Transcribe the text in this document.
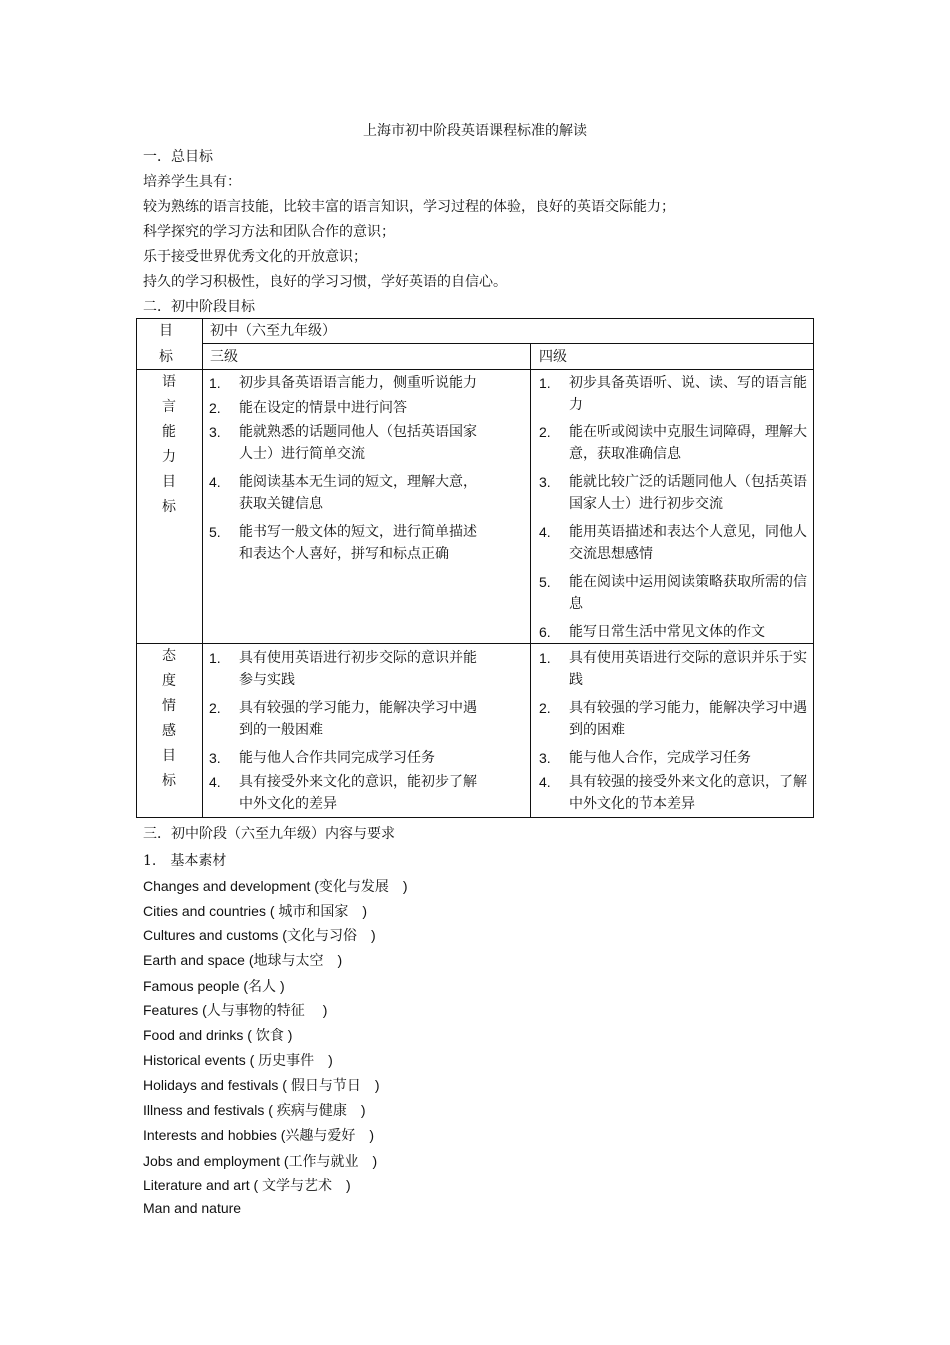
上海市初中阶段英语课程标准的解读
一．总目标
培养学生具有：
较为熟练的语言技能，比较丰富的语言知识，学习过程的体验，良好的英语交际能力；
科学探究的学习方法和团队合作的意识；
乐于接受世界优秀文化的开放意识；
持久的学习积极性，良好的学习习惯，学好英语的自信心。
二．初中阶段目标
目
标
初中（六至九年级）
三级	四级
语
言
能
力
目
标
1. 初步具备英语语言能力，侧重听说能力
2. 能在设定的情景中进行问答
3. 能就熟悉的话题同他人（包括英语国家人士）进行简单交流
4. 能阅读基本无生词的短文，理解大意，获取关键信息
5. 能书写一般文体的短文，进行简单描述和表达个人喜好，拼写和标点正确
1. 初步具备英语听、说、读、写的语言能力
2. 能在听或阅读中克服生词障碍，理解大意，获取准确信息
3. 能就比较广泛的话题同他人（包括英语国家人士）进行初步交流
4. 能用英语描述和表达个人意见，同他人交流思想感情
5. 能在阅读中运用阅读策略获取所需的信息
6. 能写日常生活中常见文体的作文
态
度
情
感
目
标
1. 具有使用英语进行初步交际的意识并能参与实践
2. 具有较强的学习能力，能解决学习中遇到的一般困难
3. 能与他人合作共同完成学习任务
4. 具有接受外来文化的意识，能初步了解中外文化的差异
1. 具有使用英语进行交际的意识并乐于实践
2. 具有较强的学习能力，能解决学习中遇到的困难
3. 能与他人合作，完成学习任务
4. 具有较强的接受外来文化的意识，了解中外文化的节本差异
三．初中阶段（六至九年级）内容与要求
1.　基本素材
Changes and development (变化与发展　)
Cities and countries ( 城市和国家　)
Cultures and customs (文化与习俗　)
Earth and space (地球与太空　)
Famous people (名人 )
Features (人与事物的特征　 )
Food and drinks ( 饮食 )
Historical events ( 历史事件　)
Holidays and festivals ( 假日与节日　)
Illness and festivals ( 疾病与健康　)
Interests and hobbies (兴趣与爱好　)
Jobs and employment (工作与就业　)
Literature and art ( 文学与艺术　)
Man and nature
